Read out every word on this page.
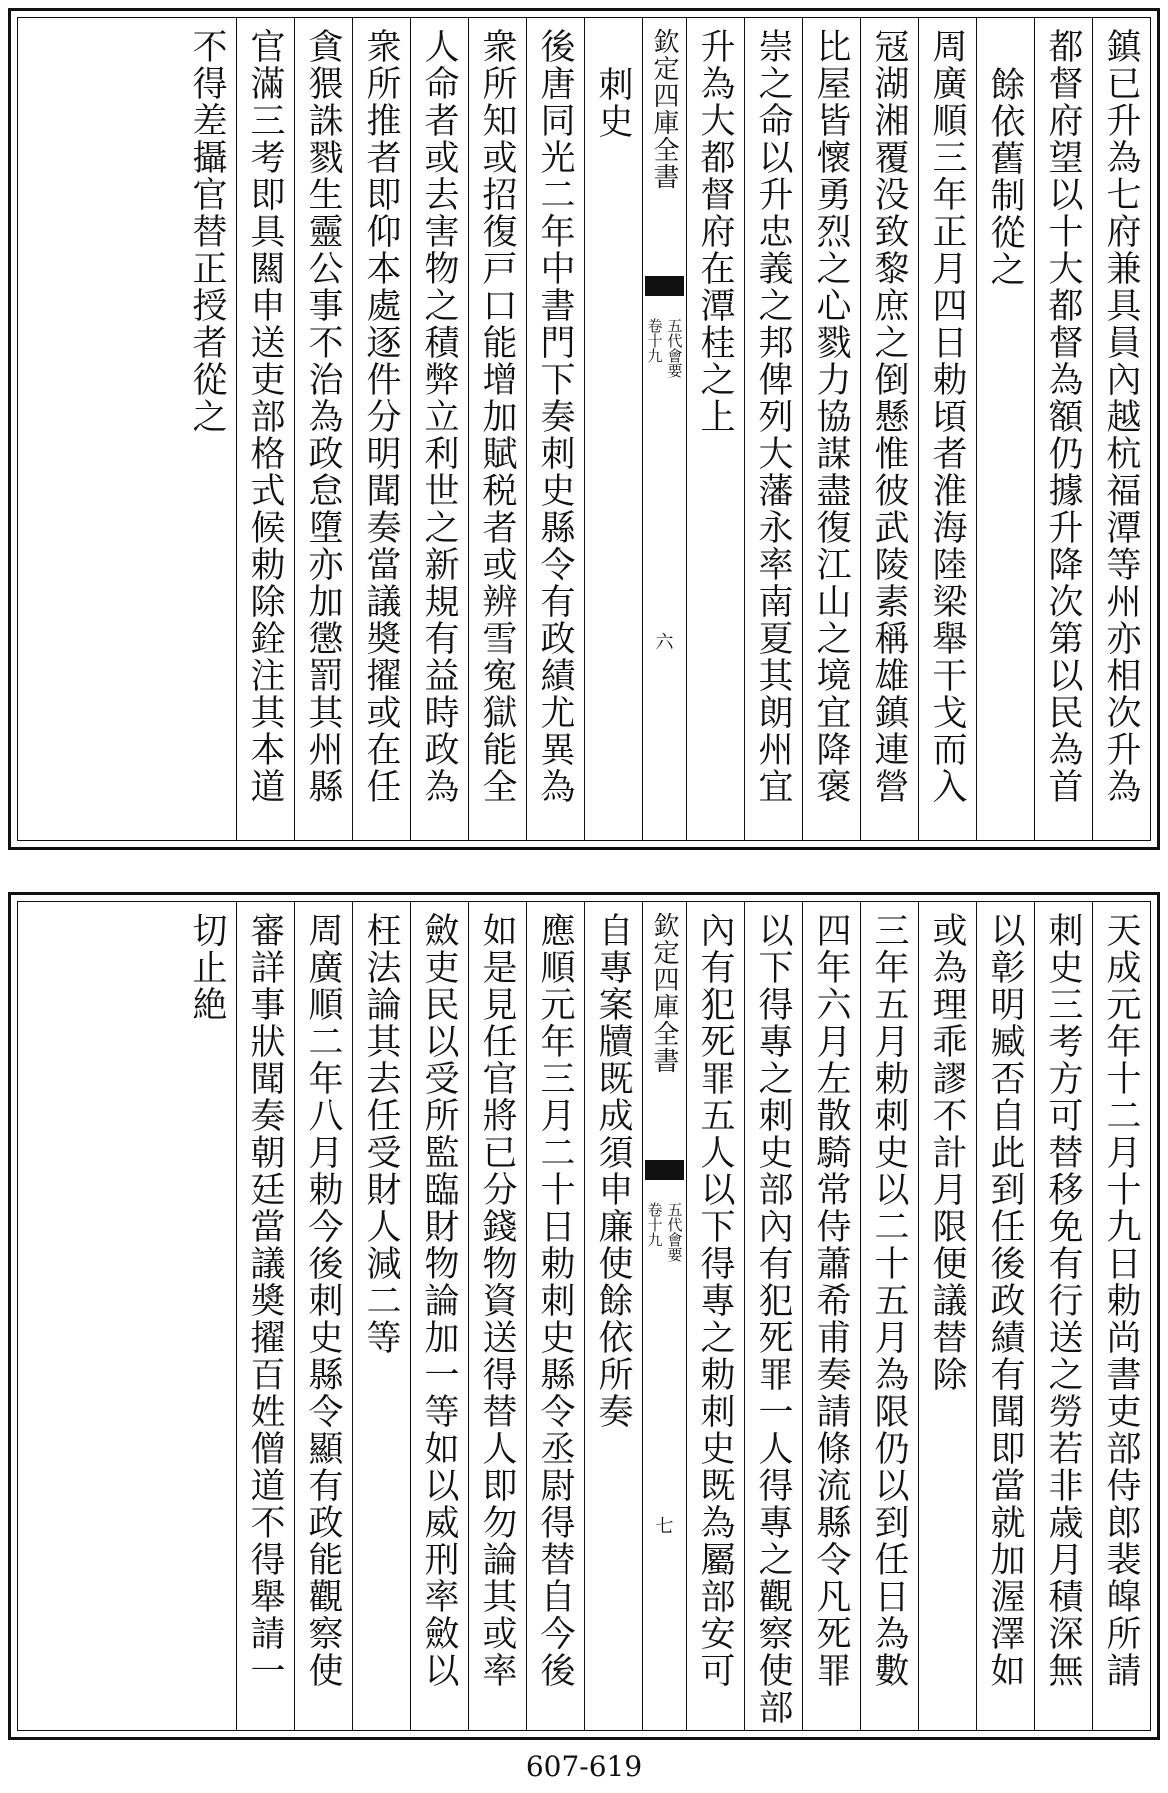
鎮已升為七府兼具員內越杭福潭等州亦相次升為
都督府望以十大都督為額仍據升降次第以民為首
餘依舊制從之
周廣順三年正月四日勅頃者淮海陸梁舉干戈而入
冦湖湘覆没致黎庶之倒懸惟彼武陵素稱雄鎮連營
比屋皆懷勇烈之心戮力協謀盡復江山之境宜降褒
崇之命以升忠義之邦俾列大藩永率南夏其朗州宜
升為大都督府在潭桂之上
欽定四庫全書
五代會要
卷十九
六
刺史
後唐同光二年中書門下奏刺史縣令有政績尤異為
衆所知或招復戸口能增加賦税者或辨雪寃獄能全
人命者或去害物之積弊立利世之新規有益時政為
衆所推者即仰本處逐件分明聞奏當議奬擢或在任
貪猥誅戮生靈公事不治為政怠墮亦加懲罰其州縣
官滿三考即具闗申送吏部格式候勅除銓注其本道
不得差攝官替正授者從之
天成元年十二月十九日勅尚書吏部侍郎裴皡所請
刺史三考方可替移免有行送之勞若非歳月積深無
以彰明臧否自此到任後政績有聞即當就加渥澤如
或為理乖謬不計月限便議替除
三年五月勅刺史以二十五月為限仍以到任日為數
四年六月左散騎常侍蕭希甫奏請條流縣令凡死罪
以下得專之刺史部內有犯死罪一人得專之觀察使部
內有犯死罪五人以下得專之勅刺史既為屬部安可
欽定四庫全書
五代會要
卷十九
七
自專案牘既成須申廉使餘依所奏
應順元年三月二十日勅刺史縣令丞尉得替自今後
如是見任官將已分錢物資送得替人即勿論其或率
斂吏民以受所監臨財物論加一等如以威刑率斂以
枉法論其去任受財人減二等
周廣順二年八月勅今後刺史縣令顯有政能觀察使
審詳事狀聞奏朝廷當議奬擢百姓僧道不得舉請一
切止絶
607-619
